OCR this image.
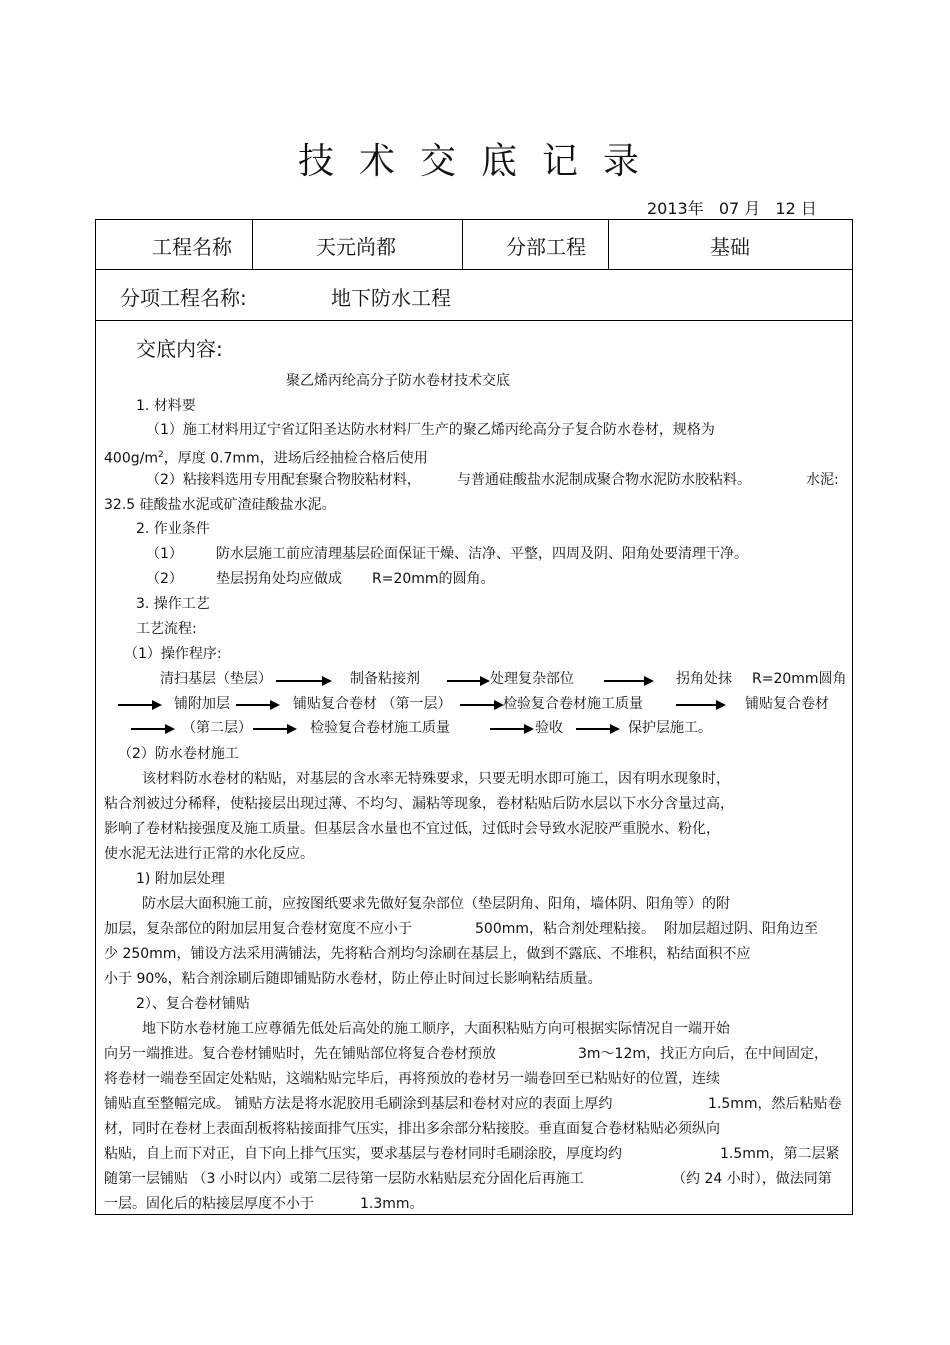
技术交底记录
2013年 07 月 12 日
工程名称	天元尚都	分部工程	基础
分项工程名称:	地下防水工程
交底内容:
聚乙烯丙纶高分子防水卷材技术交底
1. 材料要
（1）施工材料用辽宁省辽阳圣达防水材料厂生产的聚乙烯丙纶高分子复合防水卷材，规格为
$400g/m^2$，厚度 0.7mm，进场后经抽检合格后使用
（2）粘接料选用专用配套聚合物胶粘材料，	与普通硅酸盐水泥制成聚合物水泥防水胶粘料。	水泥:
32.5 硅酸盐水泥或矿渣硅酸盐水泥。
2. 作业条件
（1） 防水层施工前应清理基层砼面保证干燥、洁净、平整，四周及阴、阳角处要清理干净。
（2） 垫层拐角处均应做成 R=20mm的圆角。
3. 操作工艺
工艺流程:
（1）操作程序:
清扫基层（垫层）	制备粘接剂	处理复杂部位	拐角处抹 R=20mm圆角
铺附加层	铺贴复合卷材 （第一层）	检验复合卷材施工质量	铺贴复合卷材
（第二层）	检验复合卷材施工质量	验收	保护层施工。
（2）防水卷材施工
该材料防水卷材的粘贴，对基层的含水率无特殊要求，只要无明水即可施工，因有明水现象时，
粘合剂被过分稀释，使粘接层出现过薄、不均匀、漏粘等现象，卷材粘贴后防水层以下水分含量过高，
影响了卷材粘接强度及施工质量。但基层含水量也不宜过低，过低时会导致水泥胶严重脱水、粉化，
使水泥无法进行正常的水化反应。
1) 附加层处理
防水层大面积施工前，应按图纸要求先做好复杂部位（垫层阴角、阳角，墙体阴、阳角等）的附
加层，复杂部位的附加层用复合卷材宽度不应小于	500mm，粘合剂处理粘接。 附加层超过阴、阳角边至
少 250mm，铺设方法采用满铺法，先将粘合剂均匀涂刷在基层上，做到不露底、不堆积，粘结面积不应
小于 90%，粘合剂涂刷后随即铺贴防水卷材，防止停止时间过长影响粘结质量。
2）、复合卷材铺贴
地下防水卷材施工应尊循先低处后高处的施工顺序，大面积粘贴方向可根据实际情况自一端开始
向另一端推进。复合卷材铺贴时，先在铺贴部位将复合卷材预放	3m～12m，找正方向后，在中间固定，
将卷材一端卷至固定处粘贴，这端粘贴完毕后，再将预放的卷材另一端卷回至已粘贴好的位置，连续
铺贴直至整幅完成。 铺贴方法是将水泥胶用毛刷涂到基层和卷材对应的表面上厚约	1.5mm，然后粘贴卷
材，同时在卷材上表面刮板将粘接面排气压实，排出多余部分粘接胶。垂直面复合卷材粘贴必须纵向
粘贴，自上而下对正，自下向上排气压实，要求基层与卷材同时毛刷涂胶，厚度均约	1.5mm，第二层紧
随第一层铺贴 （3 小时以内）或第二层待第一层防水粘贴层充分固化后再施工	（约 24 小时），做法同第
一层。固化后的粘接层厚度不小于	1.3mm。
